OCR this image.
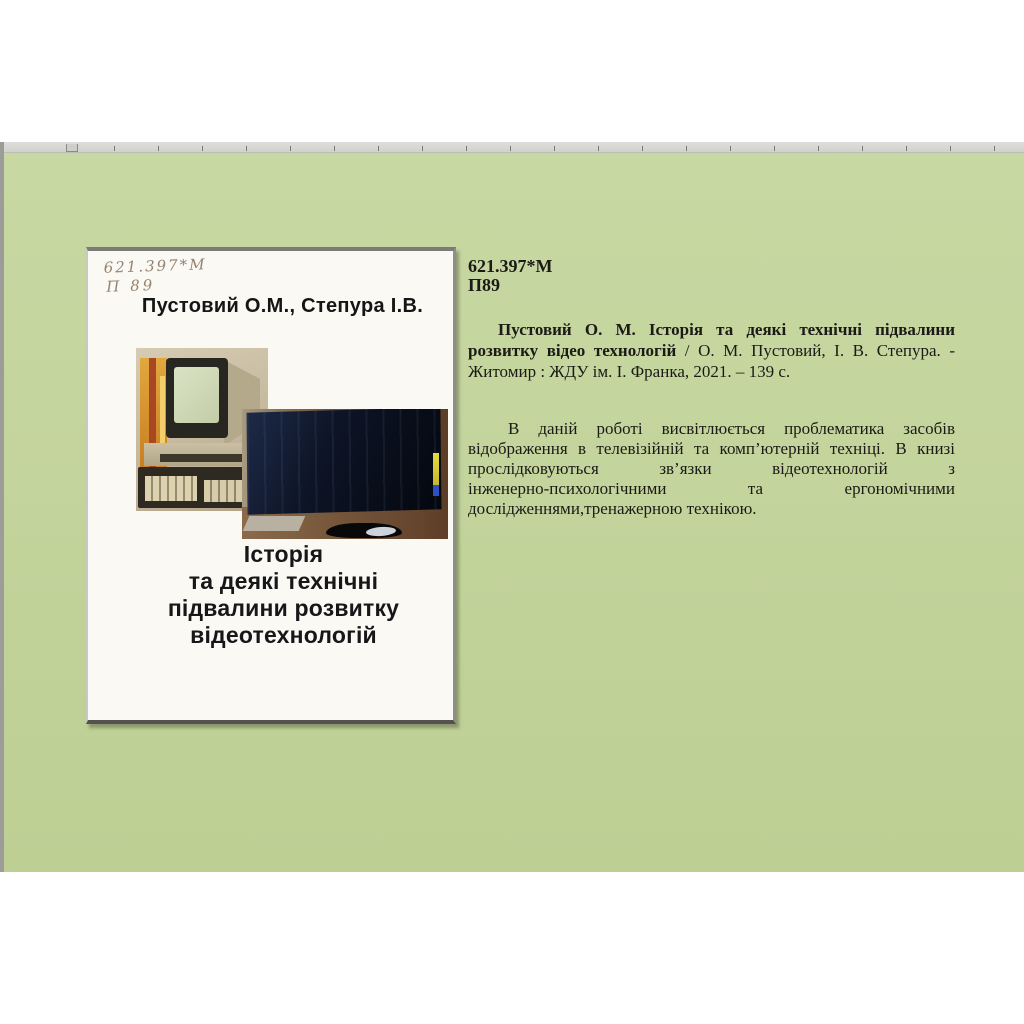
621.397*М
П 89
Пустовий О.М., Степура І.В.
Історія
та деякі технічні
підвалини розвитку
відеотехнологій
621.397*М
П89
Пустовий О. М. Історія та деякі технічні підвалини
розвитку відео технологій / О. М. Пустовий, І. В. Степура. -
Житомир : ЖДУ ім. І. Франка, 2021. – 139 с.
В даній роботі висвітлюється проблематика засобів
відображення в телевізійній та комп’ютерній техніці. В книзі
прослідковуються зв’язки відеотехнологій з
інженерно-психологічними та ергономічними
дослідженнями,тренажерною технікою.
